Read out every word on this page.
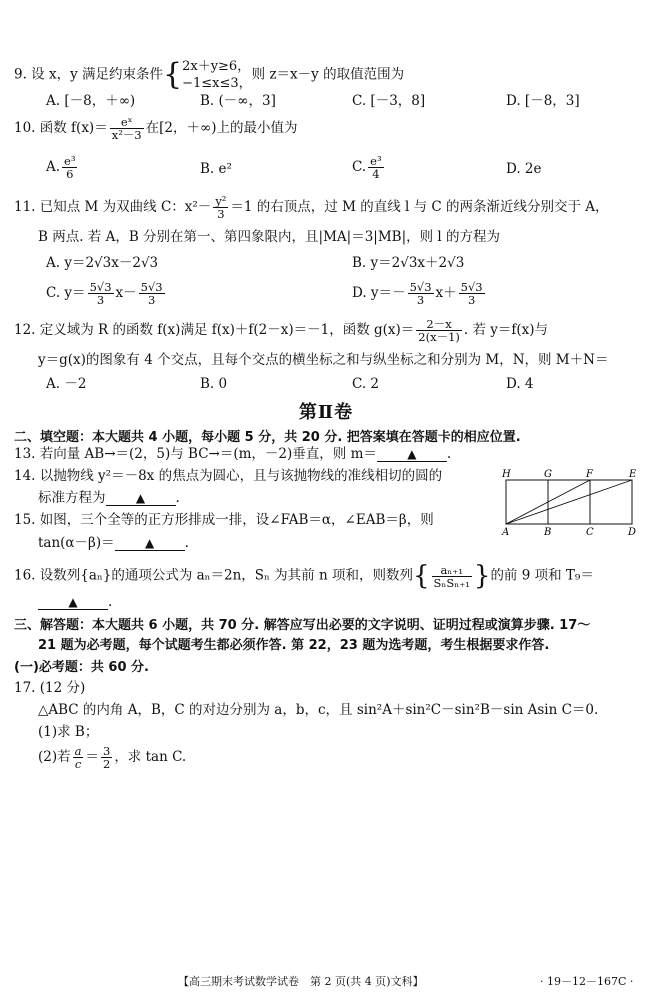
9. 设 x，y 满足约束条件{ 2x＋y≥6，
−1≤x≤3，
则 z＝x－y 的取值范围为
A. [－8，＋∞)	B. (－∞，3]	C. [－3，8]	D. [－8，3]
10. 函数 $f(x)= \frac{\text{eˣ}}{\text{x²－3}}$ 在[2，＋∞)上的最小值为
A. $\frac{\text{e³}}{6}$	B. e²	C. $\frac{\text{e³}}{4}$	D. 2e
11. 已知点 M 为双曲线 C：$x^2- \frac{\text{y²}}{3} =1$ 的右顶点，过 M 的直线 l 与 C 的两条渐近线分别交于 A，
B 两点. 若 A，B 分别在第一、第四象限内，且|MA|＝3|MB|，则 l 的方程为
A. y＝2√3x－2√3	B. y＝2√3x＋2√3
C. $y= \frac{5√3}{3} x- \frac{5√3}{3}$	D. $y=- \frac{5√3}{3} x+ \frac{5√3}{3}$
12. 定义域为 R 的函数 f(x)满足 f(x)＋f(2－x)＝－1，函数 $g(x)= \frac{2-x}{2(x-1)}$ . 若 y＝f(x)与
y＝g(x)的图象有 4 个交点，且每个交点的横坐标之和与纵坐标之和分别为 M，N，则 M＋N＝
A. －2	B. 0	C. 2	D. 4
第Ⅱ卷
二、填空题：本大题共 4 小题，每小题 5 分，共 20 分. 把答案填在答题卡的相应位置.
13. 若向量 AB→＝(2，5)与 BC→＝(m，－2)垂直，则 m＝	▲ .
14. 以抛物线 y²＝－8x 的焦点为圆心，且与该抛物线的准线相切的圆的
标准方程为	▲ .
15. 如图，三个全等的正方形排成一排，设∠FAB＝α，∠EAB＝β，则
tan(α－β)＝	▲ .
H	G	F	E
A	B	C	D
16. 设数列{aₙ}的通项公式为 aₙ＝2n，Sₙ 为其前 n 项和，则数列{ $\frac{\text{aₙ₊₁}}{\text{SₙSₙ₊₁}}$ }的前 9 项和 T₉＝
▲ .
三、解答题：本大题共 6 小题，共 70 分. 解答应写出必要的文字说明、证明过程或演算步骤. 17～
21 题为必考题，每个试题考生都必须作答. 第 22，23 题为选考题，考生根据要求作答.
(一)必考题：共 60 分.
17. (12 分)
△ABC 的内角 A，B，C 的对边分别为 a，b，c，且 sin²A＋sin²C－sin²B－sin Asin C＝0.
(1)求 B；
(2)若 $\frac{a}{c} = \frac{3}{2}$ ，求 tan C.
【高三期末考试数学试卷　第 2 页(共 4 页)文科】	· 19－12－167C ·
